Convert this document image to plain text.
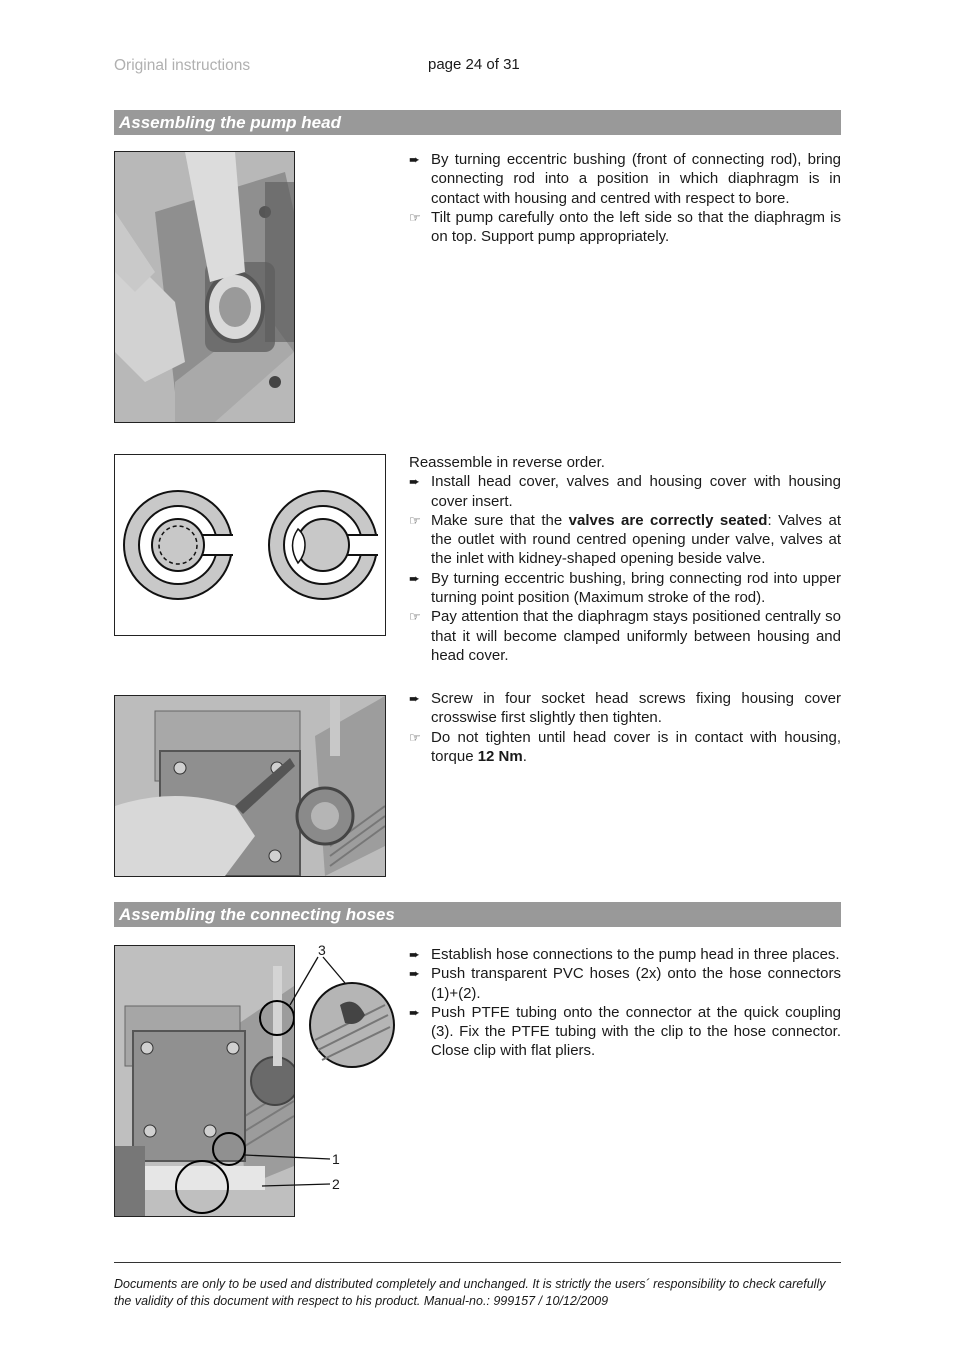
Original instructions	page 24 of 31
Assembling the pump head
➨ By turning eccentric bushing (front of connecting rod), bring connecting rod into a position in which diaphragm is in contact with housing and centred with respect to bore.
☞ Tilt pump carefully onto the left side so that the diaphragm is on top. Support pump appropriately.
Reassemble in reverse order.
➨ Install head cover, valves and housing cover with housing cover insert.
☞ Make sure that the valves are correctly seated: Valves at the outlet with round centred opening under valve, valves at the inlet with kidney-shaped opening beside valve.
➨ By turning eccentric bushing, bring connecting rod into upper turning point position (Maximum stroke of the rod).
☞ Pay attention that the diaphragm stays positioned centrally so that it will become clamped uniformly between housing and head cover.
➨ Screw in four socket head screws fixing housing cover crosswise first slightly then tighten.
☞ Do not tighten until head cover is in contact with housing, torque 12 Nm.
Assembling the connecting hoses
3
1
2
➨ Establish hose connections to the pump head in three places.
➨ Push transparent PVC hoses (2x) onto the hose connectors (1)+(2).
➨ Push PTFE tubing onto the connector at the quick coupling (3). Fix the PTFE tubing with the clip to the hose connector. Close clip with flat pliers.
Documents are only to be used and distributed completely and unchanged. It is strictly the users´ responsibility to check carefully the validity of this document with respect to his product. Manual-no.: 999157 / 10/12/2009
